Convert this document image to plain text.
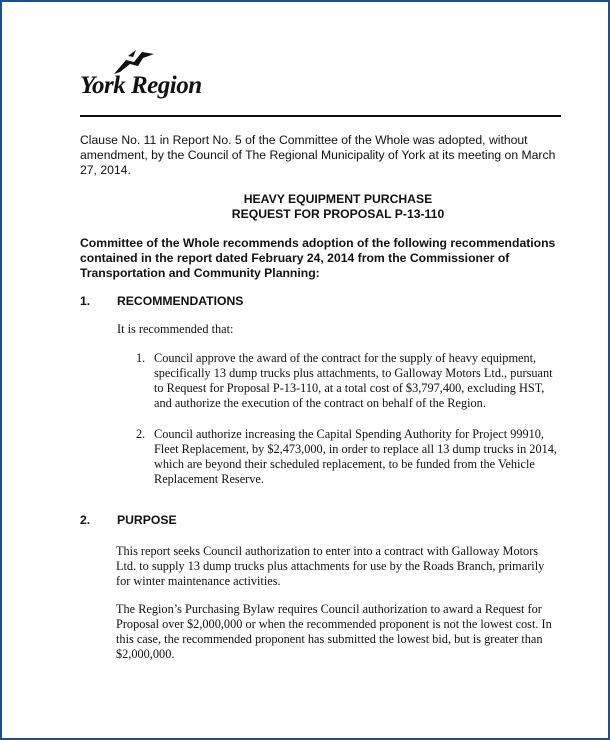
York Region
Clause No. 11 in Report No. 5 of the Committee of the Whole was adopted, without amendment, by the Council of The Regional Municipality of York at its meeting on March 27, 2014.
HEAVY EQUIPMENT PURCHASE
REQUEST FOR PROPOSAL P-13-110
Committee of the Whole recommends adoption of the following recommendations contained in the report dated February 24, 2014 from the Commissioner of Transportation and Community Planning:
1. RECOMMENDATIONS
It is recommended that:
1. Council approve the award of the contract for the supply of heavy equipment, specifically 13 dump trucks plus attachments, to Galloway Motors Ltd., pursuant to Request for Proposal P-13-110, at a total cost of $3,797,400, excluding HST, and authorize the execution of the contract on behalf of the Region.
2. Council authorize increasing the Capital Spending Authority for Project 99910, Fleet Replacement, by $2,473,000, in order to replace all 13 dump trucks in 2014, which are beyond their scheduled replacement, to be funded from the Vehicle Replacement Reserve.
2. PURPOSE
This report seeks Council authorization to enter into a contract with Galloway Motors Ltd. to supply 13 dump trucks plus attachments for use by the Roads Branch, primarily for winter maintenance activities.
The Region’s Purchasing Bylaw requires Council authorization to award a Request for Proposal over $2,000,000 or when the recommended proponent is not the lowest cost. In this case, the recommended proponent has submitted the lowest bid, but is greater than $2,000,000.
